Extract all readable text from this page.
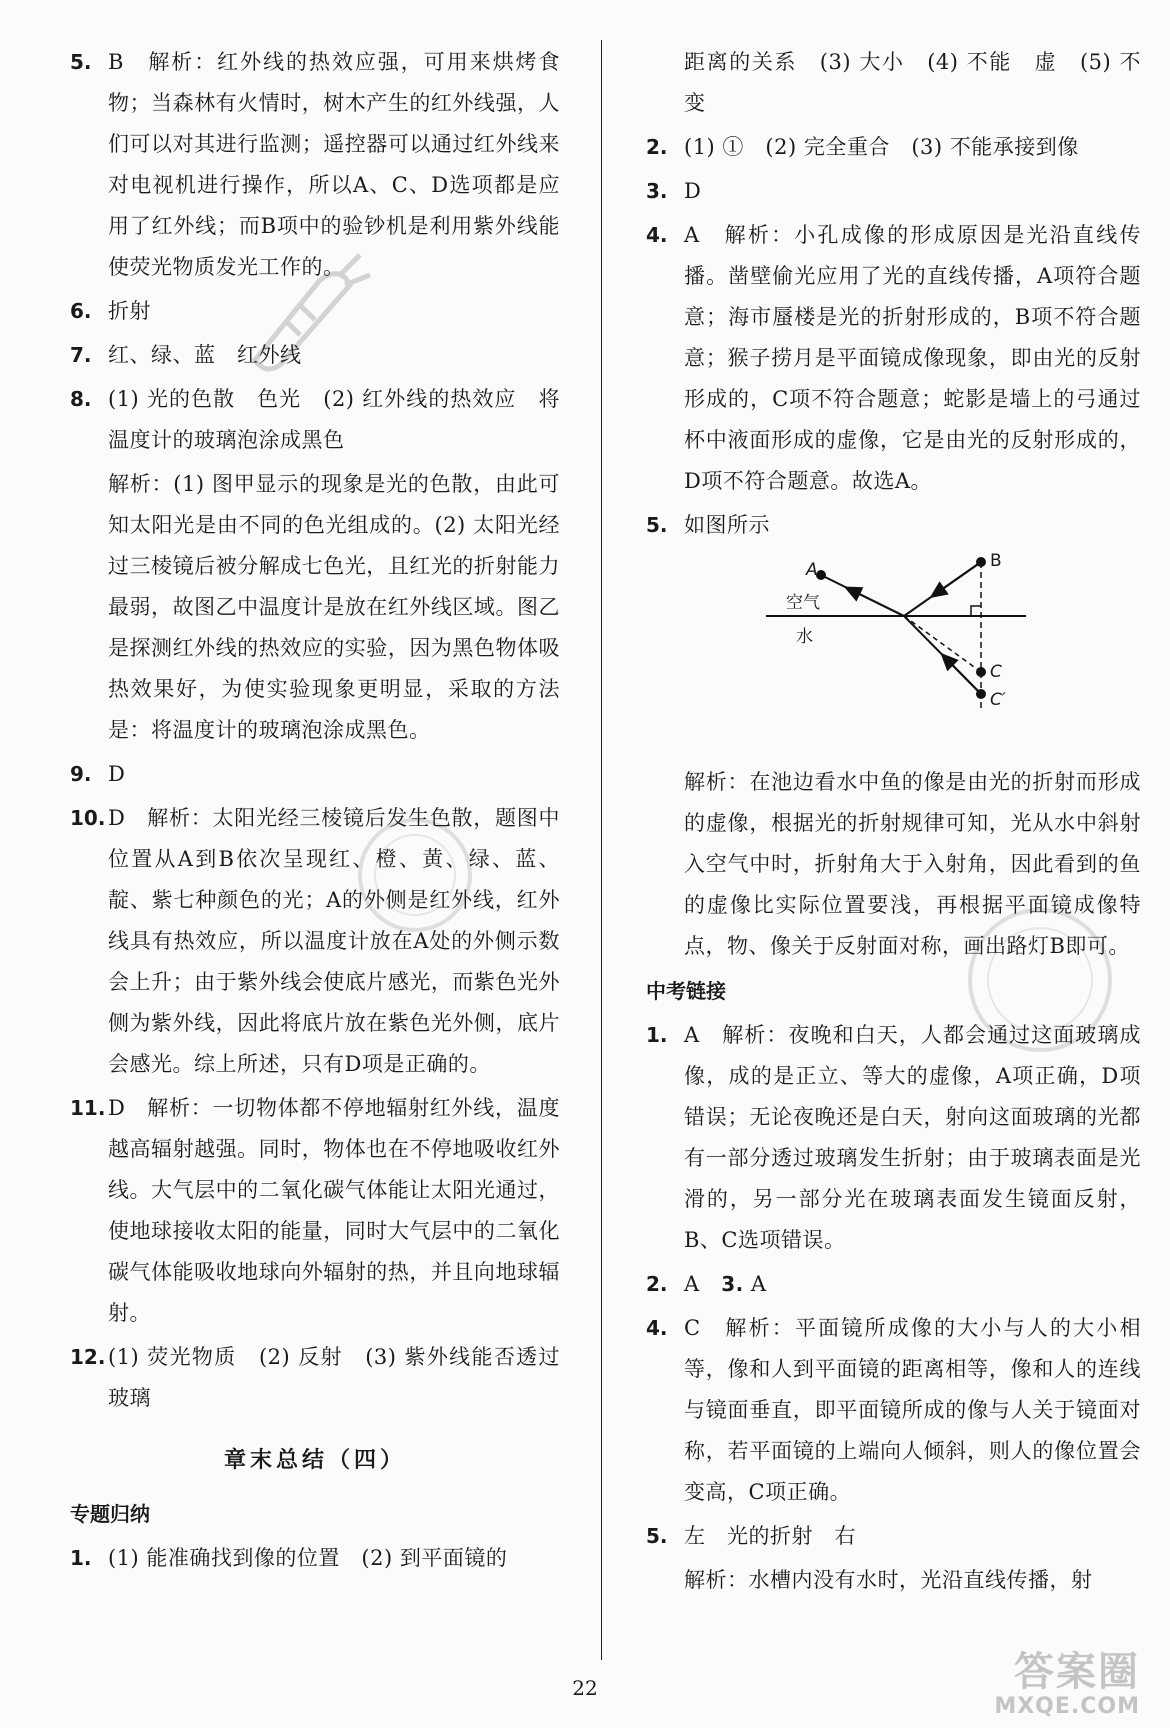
5. B　解析：红外线的热效应强，可用来烘烤食物；当森林有火情时，树木产生的红外线强，人们可以对其进行监测；遥控器可以通过红外线来对电视机进行操作，所以A、C、D选项都是应用了红外线；而B项中的验钞机是利用紫外线能使荧光物质发光工作的。
6. 折射
7. 红、绿、蓝　红外线
8. (1) 光的色散　色光　(2) 红外线的热效应　将温度计的玻璃泡涂成黑色
解析：(1) 图甲显示的现象是光的色散，由此可知太阳光是由不同的色光组成的。(2) 太阳光经过三棱镜后被分解成七色光，且红光的折射能力最弱，故图乙中温度计是放在红外线区域。图乙是探测红外线的热效应的实验，因为黑色物体吸热效果好，为使实验现象更明显，采取的方法是：将温度计的玻璃泡涂成黑色。
9. D
10. D　解析：太阳光经三棱镜后发生色散，题图中位置从A到B依次呈现红、橙、黄、绿、蓝、靛、紫七种颜色的光；A的外侧是红外线，红外线具有热效应，所以温度计放在A处的外侧示数会上升；由于紫外线会使底片感光，而紫色光外侧为紫外线，因此将底片放在紫色光外侧，底片会感光。综上所述，只有D项是正确的。
11. D　解析：一切物体都不停地辐射红外线，温度越高辐射越强。同时，物体也在不停地吸收红外线。大气层中的二氧化碳气体能让太阳光通过，使地球接收太阳的能量，同时大气层中的二氧化碳气体能吸收地球向外辐射的热，并且向地球辐射。
12. (1) 荧光物质　(2) 反射　(3) 紫外线能否透过玻璃
章末总结（四）
专题归纳
1. (1) 能准确找到像的位置　(2) 到平面镜的
距离的关系　(3) 大小　(4) 不能　虚　(5) 不变
2. (1) ①　(2) 完全重合　(3) 不能承接到像
3. D
4. A　解析：小孔成像的形成原因是光沿直线传播。凿壁偷光应用了光的直线传播，A项符合题意；海市蜃楼是光的折射形成的，B项不符合题意；猴子捞月是平面镜成像现象，即由光的反射形成的，C项不符合题意；蛇影是墙上的弓通过杯中液面形成的虚像，它是由光的反射形成的，D项不符合题意。故选A。
5. 如图所示
A	B
C
C′
空气
水
解析：在池边看水中鱼的像是由光的折射而形成的虚像，根据光的折射规律可知，光从水中斜射入空气中时，折射角大于入射角，因此看到的鱼的虚像比实际位置要浅，再根据平面镜成像特点，物、像关于反射面对称，画出路灯B即可。
中考链接
1. A　解析：夜晚和白天，人都会通过这面玻璃成像，成的是正立、等大的虚像，A项正确，D项错误；无论夜晚还是白天，射向这面玻璃的光都有一部分透过玻璃发生折射；由于玻璃表面是光滑的，另一部分光在玻璃表面发生镜面反射，B、C选项错误。
2. A 3. A
4. C　解析：平面镜所成像的大小与人的大小相等，像和人到平面镜的距离相等，像和人的连线与镜面垂直，即平面镜所成的像与人关于镜面对称，若平面镜的上端向人倾斜，则人的像位置会变高，C项正确。
5. 左　光的折射　右
解析：水槽内没有水时，光沿直线传播，射
22	答案圈
MXQE.COM
